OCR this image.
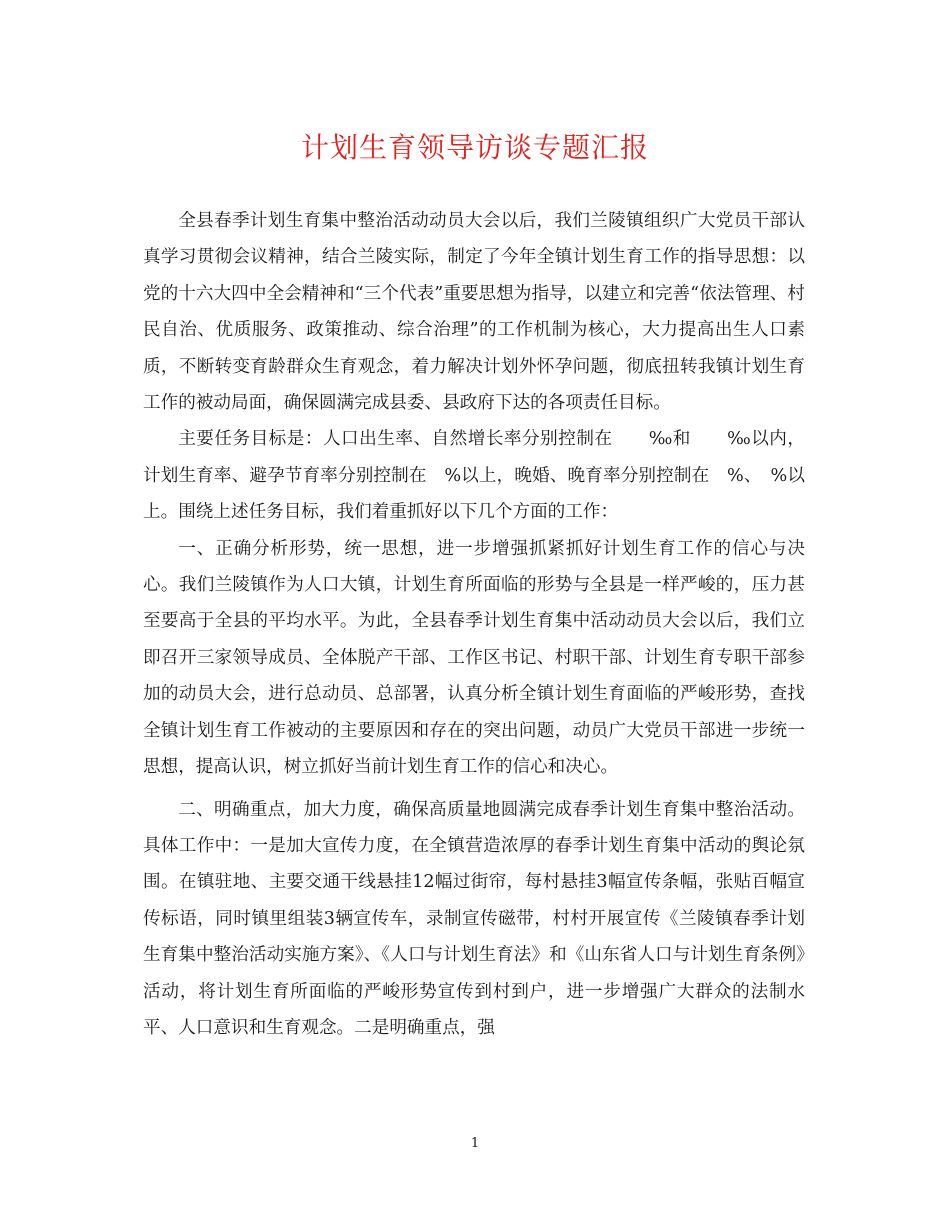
计划生育领导访谈专题汇报

全县春季计划生育集中整治活动动员大会以后，我们兰陵镇组织广大党员干部认真学习贯彻会议精神，结合兰陵实际，制定了今年全镇计划生育工作的指导思想：以党的十六大四中全会精神和“三个代表”重要思想为指导，以建立和完善“依法管理、村民自治、优质服务、政策推动、综合治理”的工作机制为核心，大力提高出生人口素质，不断转变育龄群众生育观念，着力解决计划外怀孕问题，彻底扭转我镇计划生育工作的被动局面，确保圆满完成县委、县政府下达的各项责任目标。

主要任务目标是：人口出生率、自然增长率分别控制在　　‰和　　‰以内，计划生育率、避孕节育率分别控制在　%以上，晚婚、晚育率分别控制在　%、　%以上。围绕上述任务目标，我们着重抓好以下几个方面的工作：

一、正确分析形势，统一思想，进一步增强抓紧抓好计划生育工作的信心与决心。我们兰陵镇作为人口大镇，计划生育所面临的形势与全县是一样严峻的，压力甚至要高于全县的平均水平。为此，全县春季计划生育集中活动动员大会以后，我们立即召开三家领导成员、全体脱产干部、工作区书记、村职干部、计划生育专职干部参加的动员大会，进行总动员、总部署，认真分析全镇计划生育面临的严峻形势，查找全镇计划生育工作被动的主要原因和存在的突出问题，动员广大党员干部进一步统一思想，提高认识，树立抓好当前计划生育工作的信心和决心。

二、明确重点，加大力度，确保高质量地圆满完成春季计划生育集中整治活动。具体工作中：一是加大宣传力度，在全镇营造浓厚的春季计划生育集中活动的舆论氛围。在镇驻地、主要交通干线悬挂12幅过街帘，每村悬挂3幅宣传条幅，张贴百幅宣传标语，同时镇里组装3辆宣传车，录制宣传磁带，村村开展宣传《兰陵镇春季计划生育集中整治活动实施方案》、《人口与计划生育法》和《山东省人口与计划生育条例》活动，将计划生育所面临的严峻形势宣传到村到户，进一步增强广大群众的法制水平、人口意识和生育观念。二是明确重点，强

1
